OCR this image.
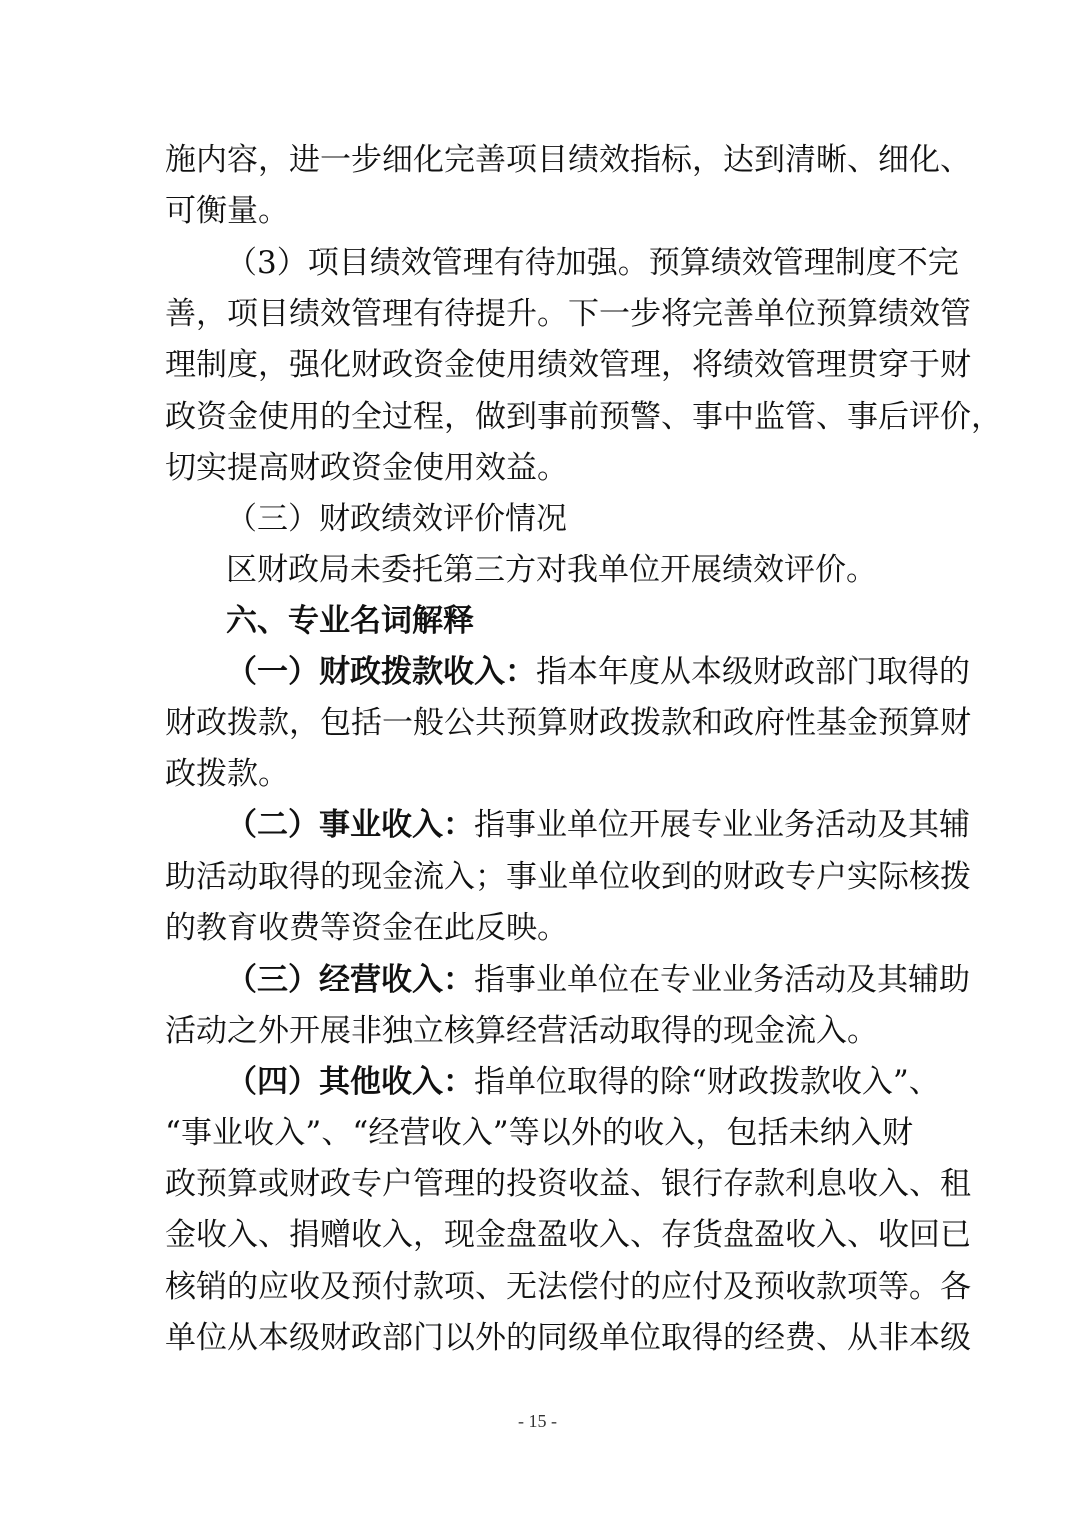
施内容，进一步细化完善项目绩效指标，达到清晰、细化、
可衡量。
（3）项目绩效管理有待加强。预算绩效管理制度不完
善，项目绩效管理有待提升。下一步将完善单位预算绩效管
理制度，强化财政资金使用绩效管理，将绩效管理贯穿于财
政资金使用的全过程，做到事前预警、事中监管、事后评价，
切实提高财政资金使用效益。
（三）财政绩效评价情况
区财政局未委托第三方对我单位开展绩效评价。
六、专业名词解释
（一）财政拨款收入：指本年度从本级财政部门取得的
财政拨款，包括一般公共预算财政拨款和政府性基金预算财
政拨款。
（二）事业收入：指事业单位开展专业业务活动及其辅
助活动取得的现金流入；事业单位收到的财政专户实际核拨
的教育收费等资金在此反映。
（三）经营收入：指事业单位在专业业务活动及其辅助
活动之外开展非独立核算经营活动取得的现金流入。
（四）其他收入：指单位取得的除“财政拨款收入”、
“事业收入”、“经营收入”等以外的收入，包括未纳入财
政预算或财政专户管理的投资收益、银行存款利息收入、租
金收入、捐赠收入，现金盘盈收入、存货盘盈收入、收回已
核销的应收及预付款项、无法偿付的应付及预收款项等。各
单位从本级财政部门以外的同级单位取得的经费、从非本级
- 15 -
